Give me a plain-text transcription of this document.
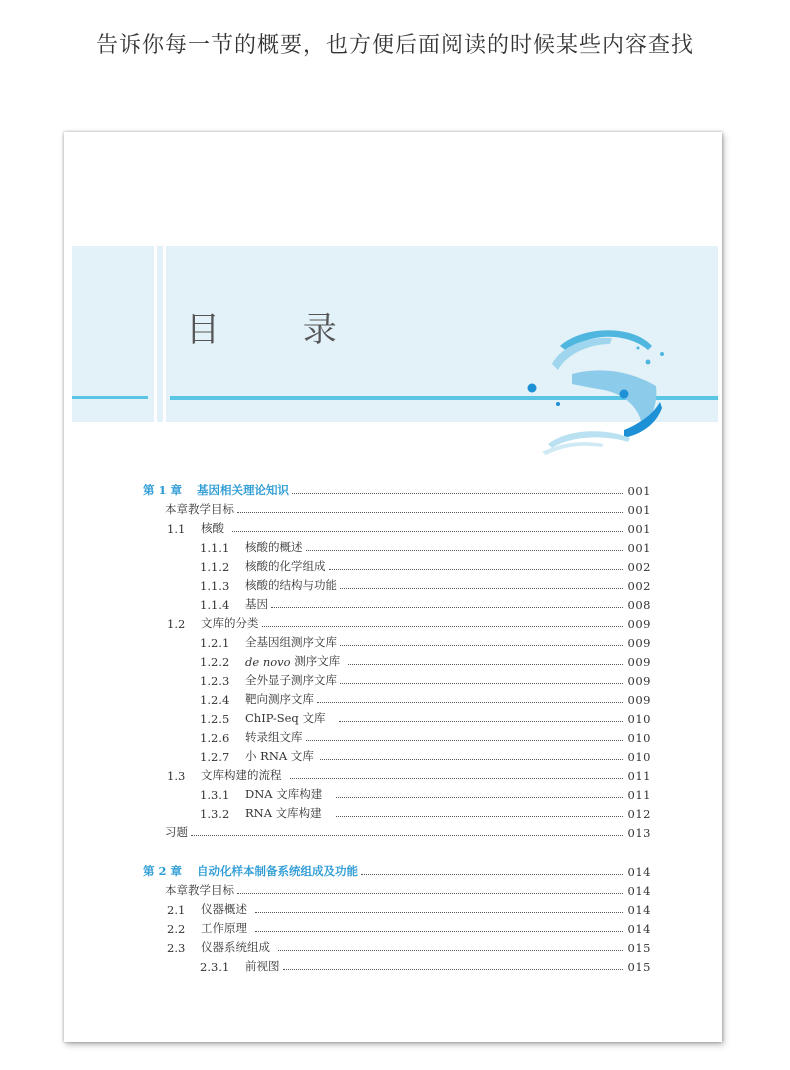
告诉你每一节的概要，也方便后面阅读的时候某些内容查找
目 录
第 1 章	基因相关理论知识	001
本章教学目标	001
1.1	核酸	001
1.1.1	核酸的概述	001
1.1.2	核酸的化学组成	002
1.1.3	核酸的结构与功能	002
1.1.4	基因	008
1.2	文库的分类	009
1.2.1	全基因组测序文库	009
1.2.2	de novo 测序文库	009
1.2.3	全外显子测序文库	009
1.2.4	靶向测序文库	009
1.2.5	ChIP-Seq 文库	010
1.2.6	转录组文库	010
1.2.7	小 RNA 文库	010
1.3	文库构建的流程	011
1.3.1	DNA 文库构建	011
1.3.2	RNA 文库构建	012
习题	013
第 2 章	自动化样本制备系统组成及功能	014
本章教学目标	014
2.1	仪器概述	014
2.2	工作原理	014
2.3	仪器系统组成	015
2.3.1	前视图	015
